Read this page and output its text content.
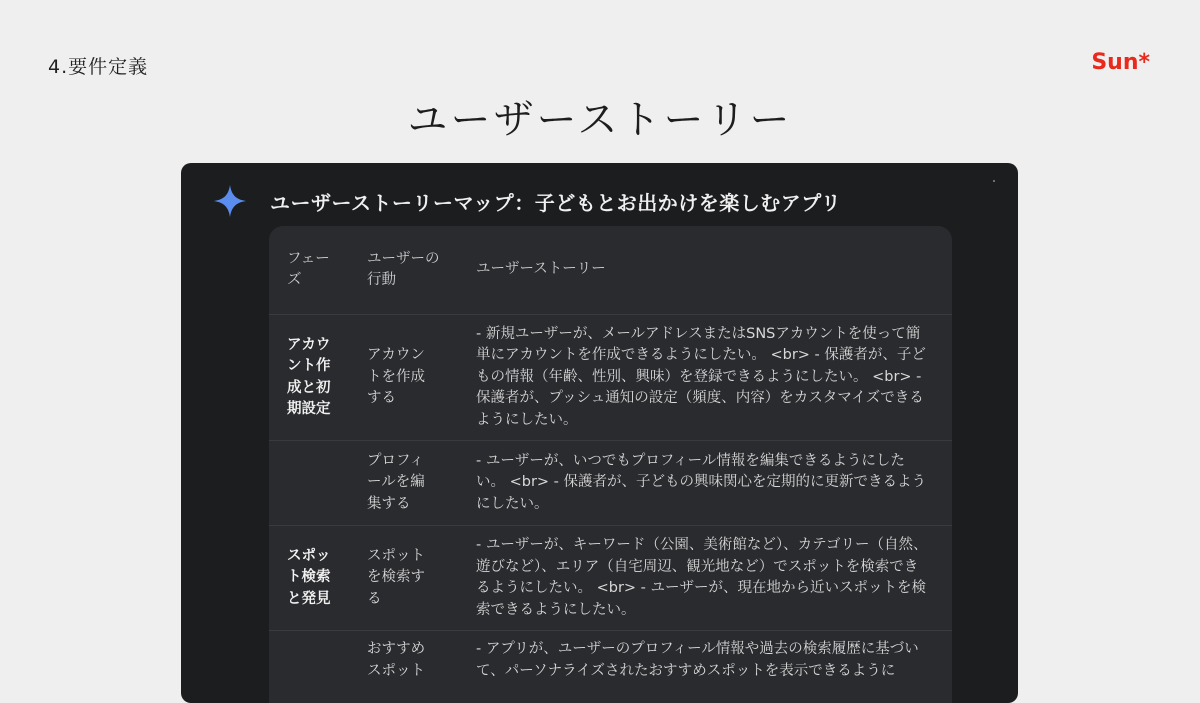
4.要件定義	Sun*
ユーザーストーリー
ユーザーストーリーマップ：子どもとお出かけを楽しむアプリ
フェーズ	ユーザーの行動	ユーザーストーリー

アカウント作成と初期設定	アカウントを作成する	- 新規ユーザーが、メールアドレスまたはSNSアカウントを使って簡単にアカウントを作成できるようにしたい。 <br> - 保護者が、子どもの情報（年齢、性別、興味）を登録できるようにしたい。 <br> - 保護者が、プッシュ通知の設定（頻度、内容）をカスタマイズできるようにしたい。

	プロフィールを編集する	- ユーザーが、いつでもプロフィール情報を編集できるようにしたい。 <br> - 保護者が、子どもの興味関心を定期的に更新できるようにしたい。

スポット検索と発見	スポットを検索する	- ユーザーが、キーワード（公園、美術館など）、カテゴリー（自然、遊びなど）、エリア（自宅周辺、観光地など）でスポットを検索できるようにしたい。 <br> - ユーザーが、現在地から近いスポットを検索できるようにしたい。

	おすすめスポット	- アプリが、ユーザーのプロフィール情報や過去の検索履歴に基づいて、パーソナライズされたおすすめスポットを表示できるように
